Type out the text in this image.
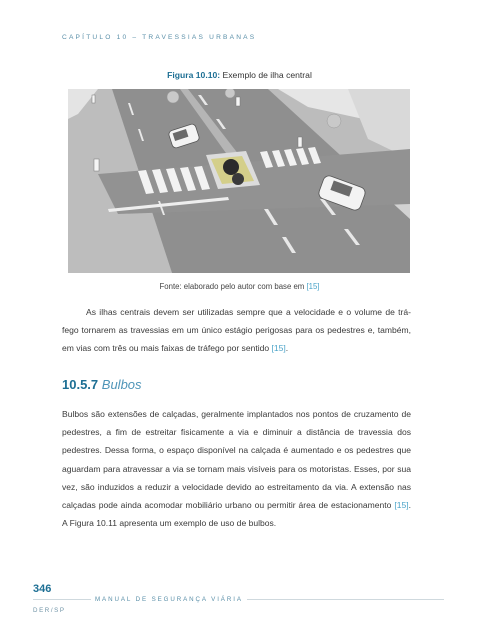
CAPÍTULO 10 – TRAVESSIAS URBANAS
Figura 10.10: Exemplo de ilha central
Fonte: elaborado pelo autor com base em [15]
As ilhas centrais devem ser utilizadas sempre que a velocidade e o volume de tráfego tornarem as travessias em um único estágio perigosas para os pedestres e, também, em vias com três ou mais faixas de tráfego por sentido [15].
10.5.7 Bulbos
Bulbos são extensões de calçadas, geralmente implantados nos pontos de cruzamento de pedestres, a fim de estreitar fisicamente a via e diminuir a distância de travessia dos pedestres. Dessa forma, o espaço disponível na calçada é aumentado e os pedestres que aguardam para atravessar a via se tornam mais visíveis para os motoristas. Esses, por sua vez, são induzidos a reduzir a velocidade devido ao estreitamento da via. A extensão nas calçadas pode ainda acomodar mobiliário urbano ou permitir área de estacionamento [15]. A Figura 10.11 apresenta um exemplo de uso de bulbos.
346
MANUAL DE SEGURANÇA VIÁRIA
DER/SP
